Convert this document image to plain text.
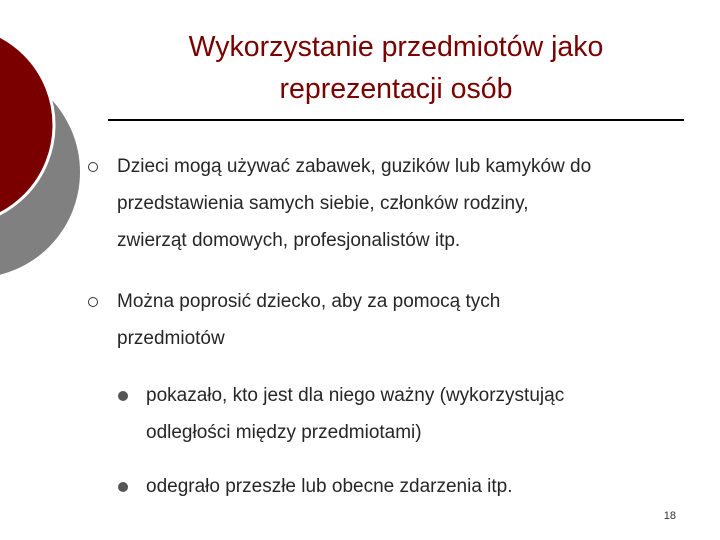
Wykorzystanie przedmiotów jako
reprezentacji osób
Dzieci mogą używać zabawek, guzików lub kamyków do
przedstawienia samych siebie, członków rodziny,
zwierząt domowych, profesjonalistów itp.
Można poprosić dziecko, aby za pomocą tych
przedmiotów
pokazało, kto jest dla niego ważny (wykorzystując
odległości między przedmiotami)
odegrało przeszłe lub obecne zdarzenia itp.
18
